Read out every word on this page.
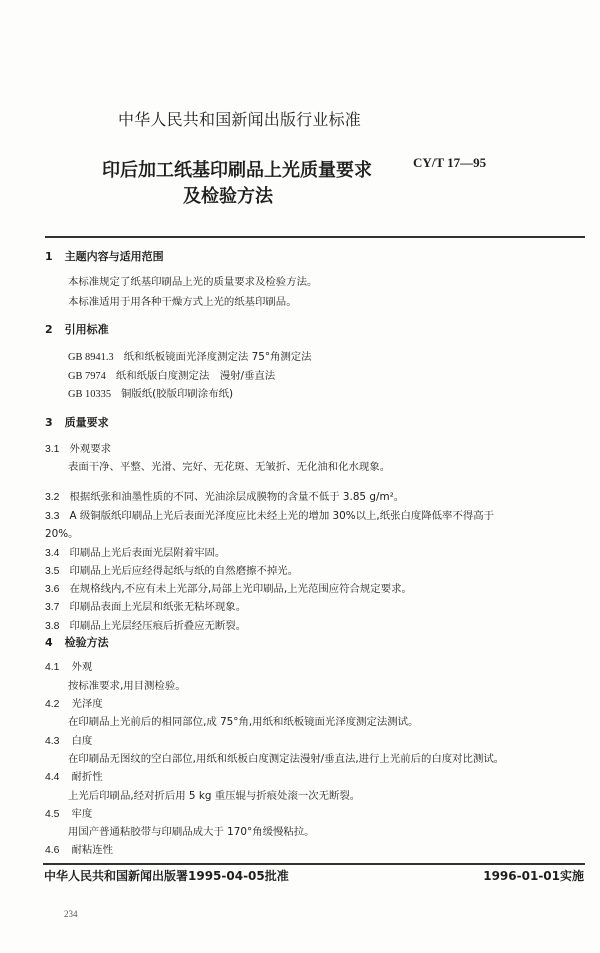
中华人民共和国新闻出版行业标准
印后加工纸基印刷品上光质量要求
及检验方法
CY/T 17—95
1 主题内容与适用范围
本标准规定了纸基印刷品上光的质量要求及检验方法。
本标准适用于用各种干燥方式上光的纸基印刷品。
2 引用标准
GB 8941.3 纸和纸板镜面光泽度测定法 75°角测定法
GB 7974 纸和纸版白度测定法　漫射/垂直法
GB 10335 铜版纸(胶版印刷涂布纸)
3 质量要求
3.1 外观要求
表面干净、平整、光滑、完好、无花斑、无皱折、无化油和化水现象。
3.2 根据纸张和油墨性质的不同、光油涂层成膜物的含量不低于 3.85 g/m²。
3.3 A 级铜版纸印刷品上光后表面光泽度应比未经上光的增加 30%以上,纸张白度降低率不得高于
20%。
3.4 印刷品上光后表面光层附着牢固。
3.5 印刷品上光后应经得起纸与纸的自然磨擦不掉光。
3.6 在规格线内,不应有未上光部分,局部上光印刷品,上光范围应符合规定要求。
3.7 印刷品表面上光层和纸张无粘坏现象。
3.8 印刷品上光层经压痕后折叠应无断裂。
4 检验方法
4.1 外观
按标准要求,用目测检验。
4.2 光泽度
在印刷品上光前后的相同部位,成 75°角,用纸和纸板镜面光泽度测定法测试。
4.3 白度
在印刷品无图纹的空白部位,用纸和纸板白度测定法漫射/垂直法,进行上光前后的白度对比测试。
4.4 耐折性
上光后印刷品,经对折后用 5 kg 重压辊与折痕处滚一次无断裂。
4.5 牢度
用国产普通粘胶带与印刷品成大于 170°角缓慢粘拉。
4.6 耐粘连性
中华人民共和国新闻出版署1995-04-05批准	1996-01-01实施
234
